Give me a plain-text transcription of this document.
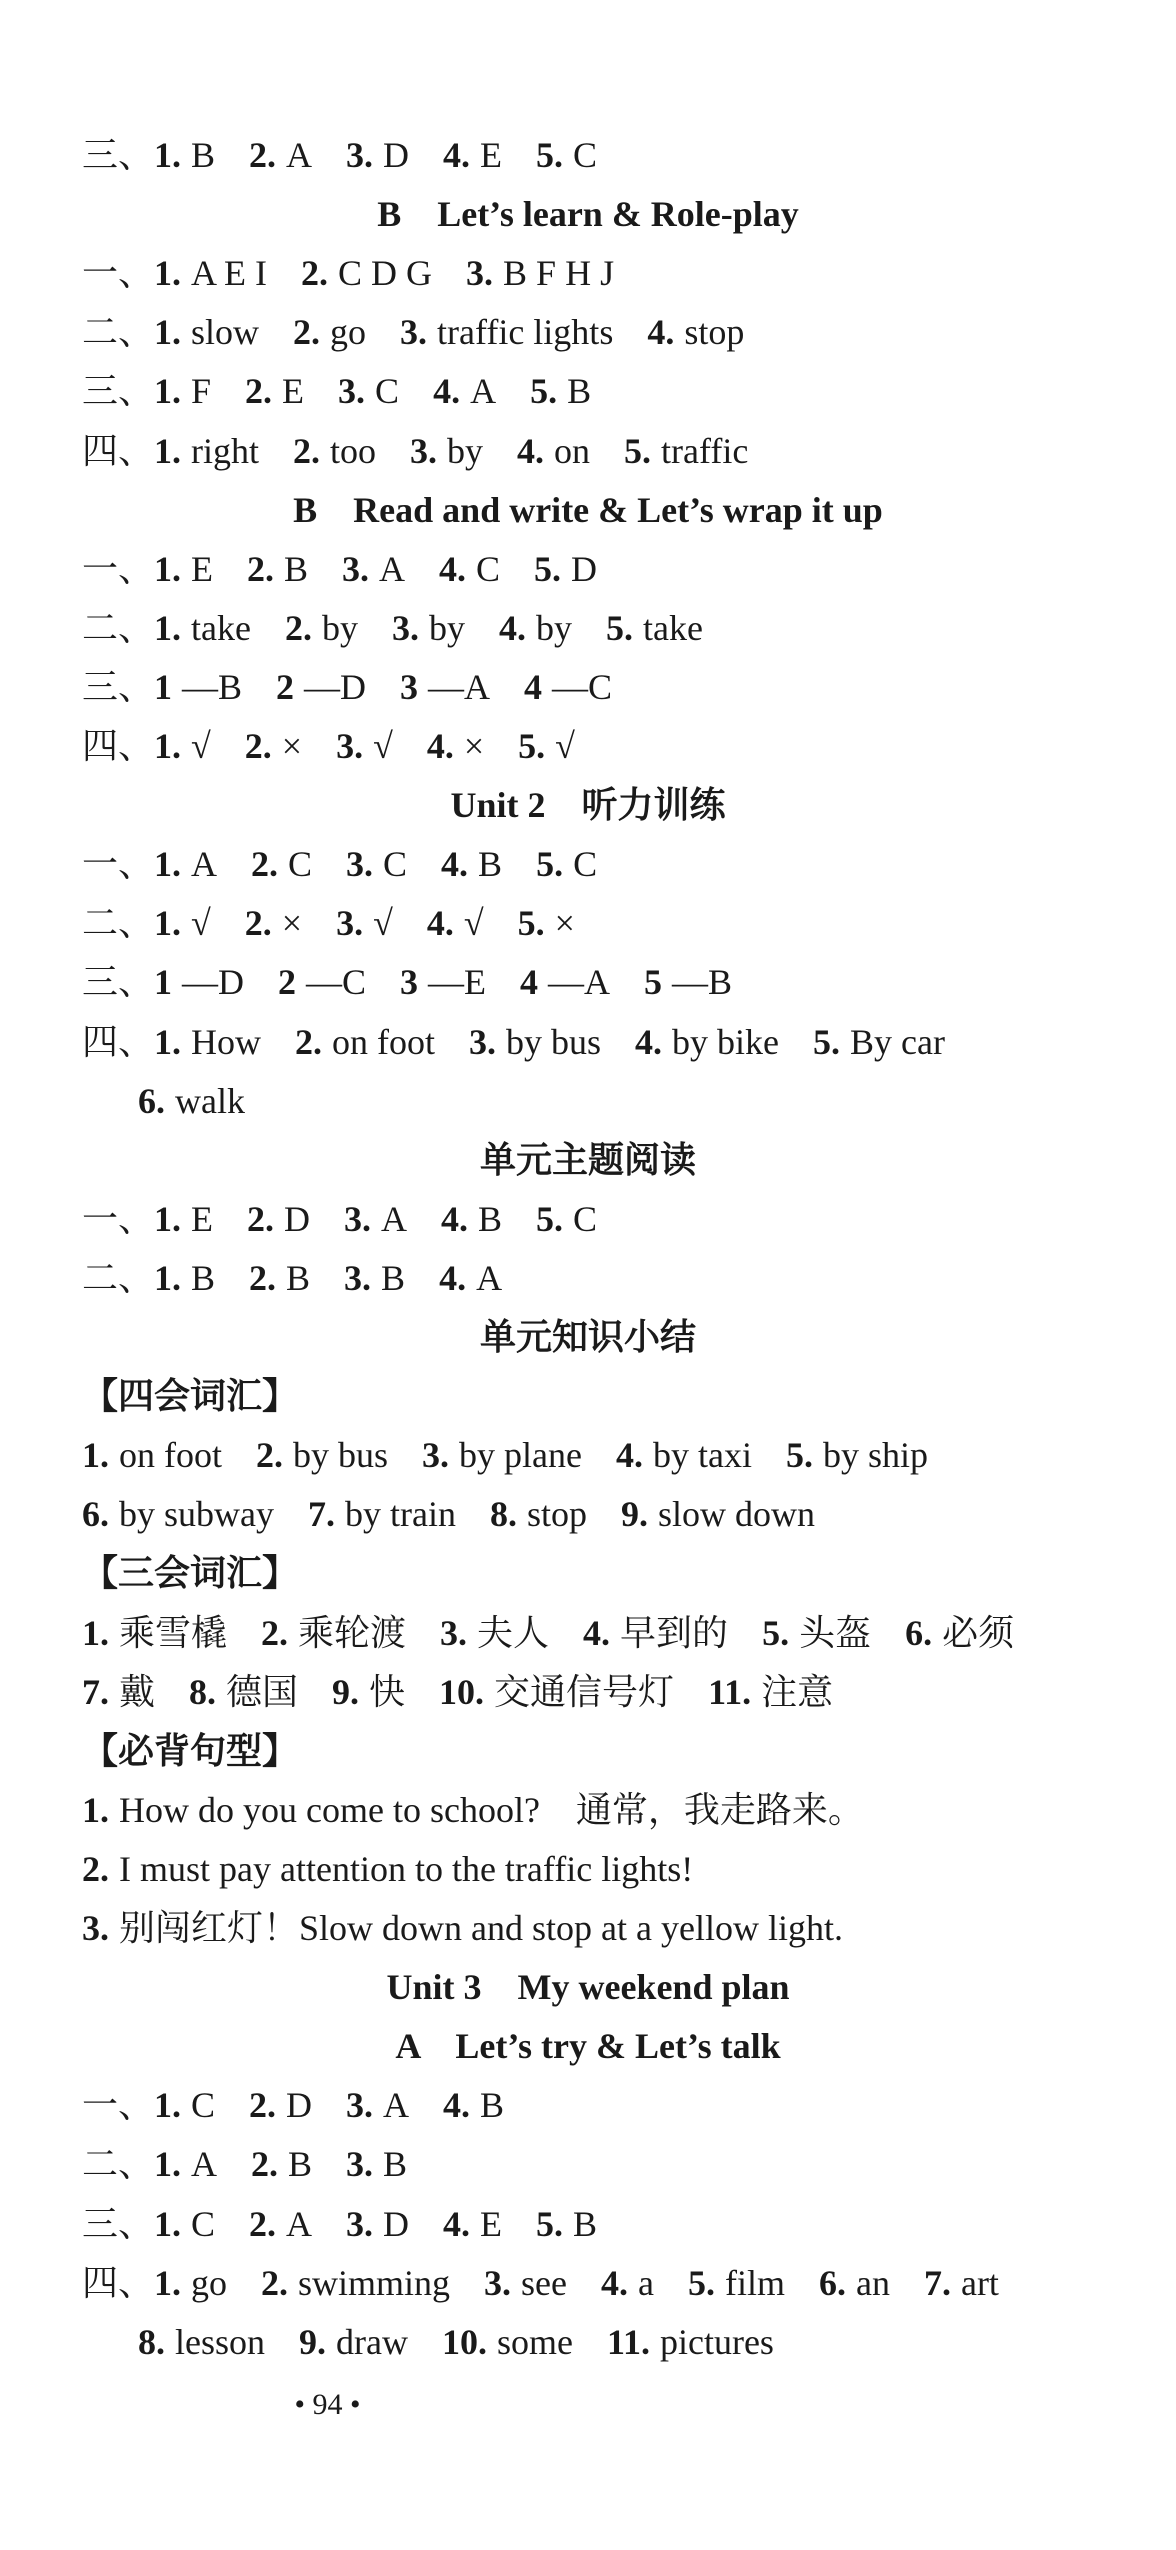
三、1. B 2. A 3. D 4. E 5. C
B　Let’s learn & Role-play
一、1. A E I 2. C D G 3. B F H J
二、1. slow 2. go 3. traffic lights 4. stop
三、1. F 2. E 3. C 4. A 5. B
四、1. right 2. too 3. by 4. on 5. traffic
B　Read and write & Let’s wrap it up
一、1. E 2. B 3. A 4. C 5. D
二、1. take 2. by 3. by 4. by 5. take
三、1 —B 2 —D 3 —A 4 —C
四、1. √ 2. × 3. √ 4. × 5. √
Unit 2　听力训练
一、1. A 2. C 3. C 4. B 5. C
二、1. √ 2. × 3. √ 4. √ 5. ×
三、1 —D 2 —C 3 —E 4 —A 5 —B
四、1. How 2. on foot 3. by bus 4. by bike 5. By car
6. walk
单元主题阅读
一、1. E 2. D 3. A 4. B 5. C
二、1. B 2. B 3. B 4. A
单元知识小结
【四会词汇】
1. on foot 2. by bus 3. by plane 4. by taxi 5. by ship
6. by subway 7. by train 8. stop 9. slow down
【三会词汇】
1. 乘雪橇 2. 乘轮渡 3. 夫人 4. 早到的 5. 头盔 6. 必须
7. 戴 8. 德国 9. 快 10. 交通信号灯 11. 注意
【必背句型】
1. How do you come to school?　通常，我走路来。
2. I must pay attention to the traffic lights!
3. 别闯红灯！Slow down and stop at a yellow light.
Unit 3　My weekend plan
A　Let’s try & Let’s talk
一、1. C 2. D 3. A 4. B
二、1. A 2. B 3. B
三、1. C 2. A 3. D 4. E 5. B
四、1. go 2. swimming 3. see 4. a 5. film 6. an 7. art
8. lesson 9. draw 10. some 11. pictures
• 94 •
